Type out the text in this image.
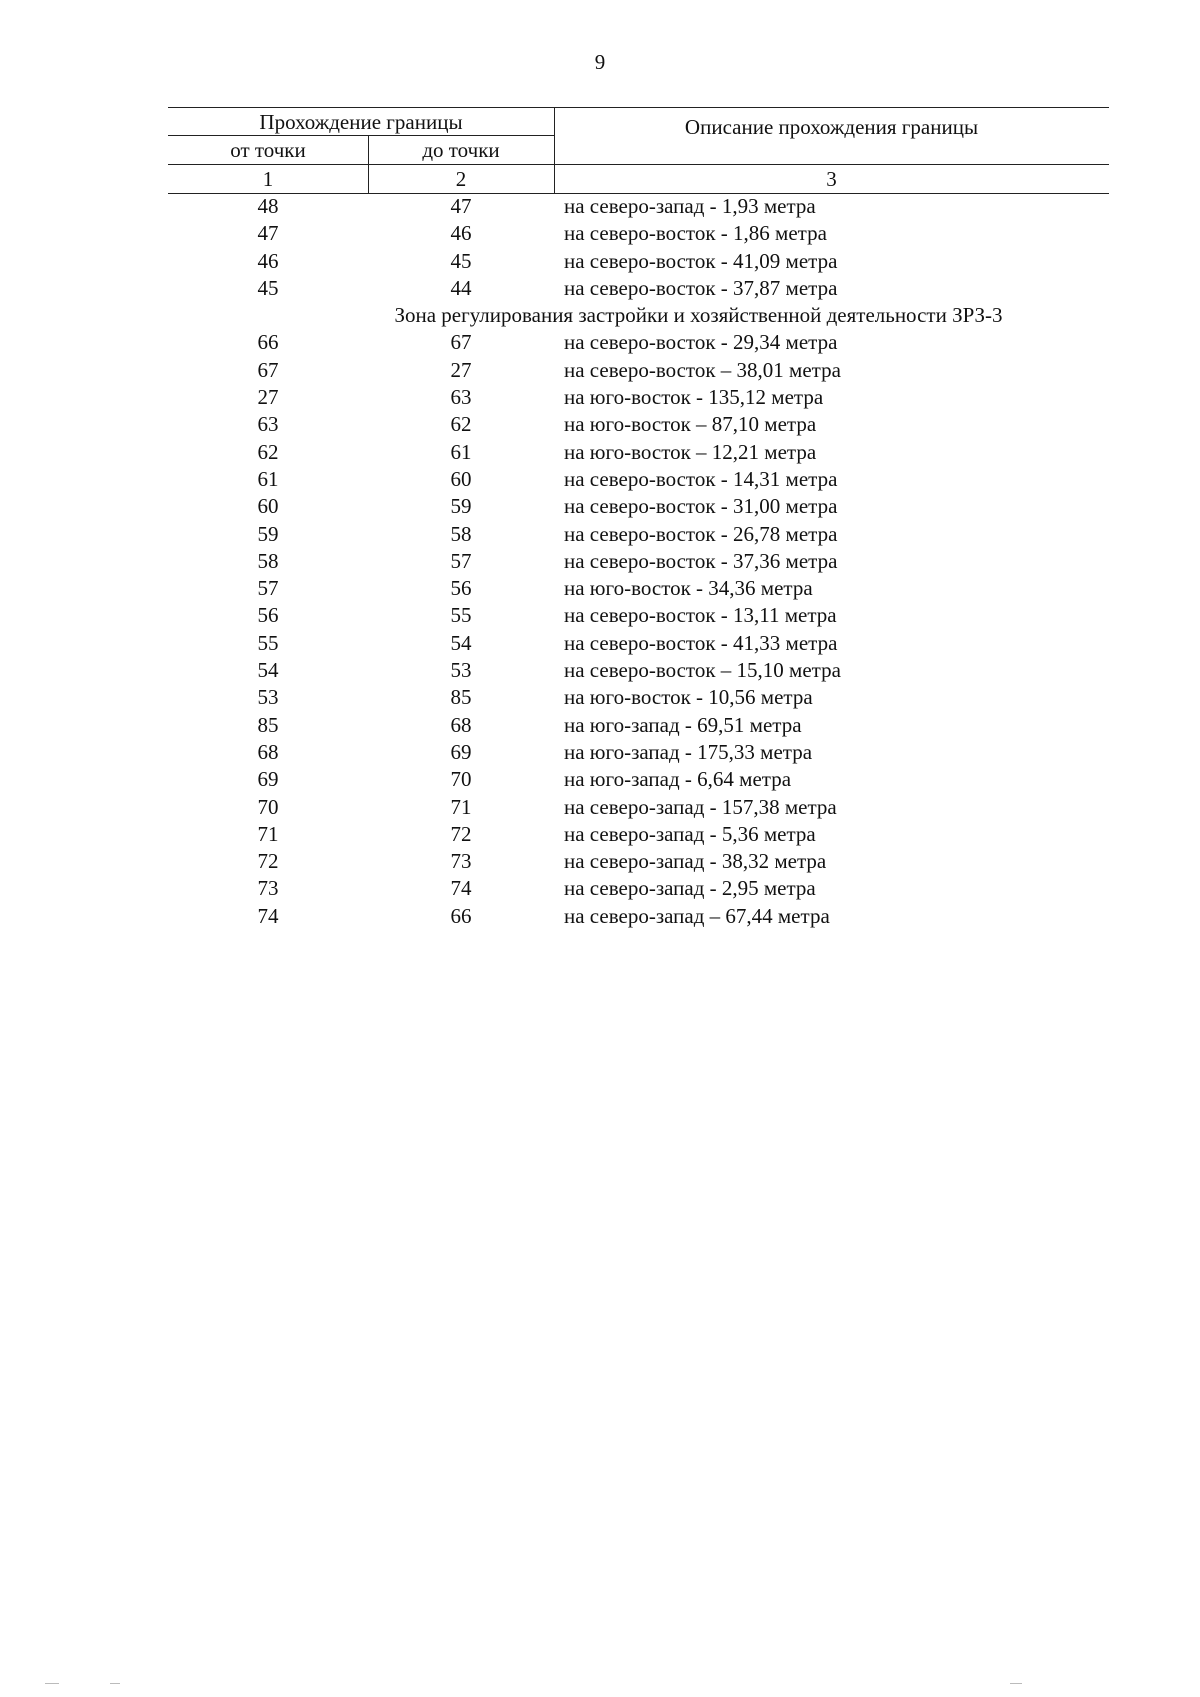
9
Прохождение границы	Описание прохождения границы
от точки	до точки
1	2	3
48	47	на северо-запад - 1,93 метра
47	46	на северо-восток - 1,86 метра
46	45	на северо-восток - 41,09 метра
45	44	на северо-восток - 37,87 метра
Зона регулирования застройки и хозяйственной деятельности ЗРЗ-3
66	67	на северо-восток - 29,34 метра
67	27	на северо-восток – 38,01 метра
27	63	на юго-восток - 135,12 метра
63	62	на юго-восток – 87,10 метра
62	61	на юго-восток – 12,21 метра
61	60	на северо-восток - 14,31 метра
60	59	на северо-восток - 31,00 метра
59	58	на северо-восток - 26,78 метра
58	57	на северо-восток - 37,36 метра
57	56	на юго-восток - 34,36 метра
56	55	на северо-восток - 13,11 метра
55	54	на северо-восток - 41,33 метра
54	53	на северо-восток – 15,10 метра
53	85	на юго-восток - 10,56 метра
85	68	на юго-запад - 69,51 метра
68	69	на юго-запад - 175,33 метра
69	70	на юго-запад - 6,64 метра
70	71	на северо-запад - 157,38 метра
71	72	на северо-запад - 5,36 метра
72	73	на северо-запад - 38,32 метра
73	74	на северо-запад - 2,95 метра
74	66	на северо-запад – 67,44 метра
